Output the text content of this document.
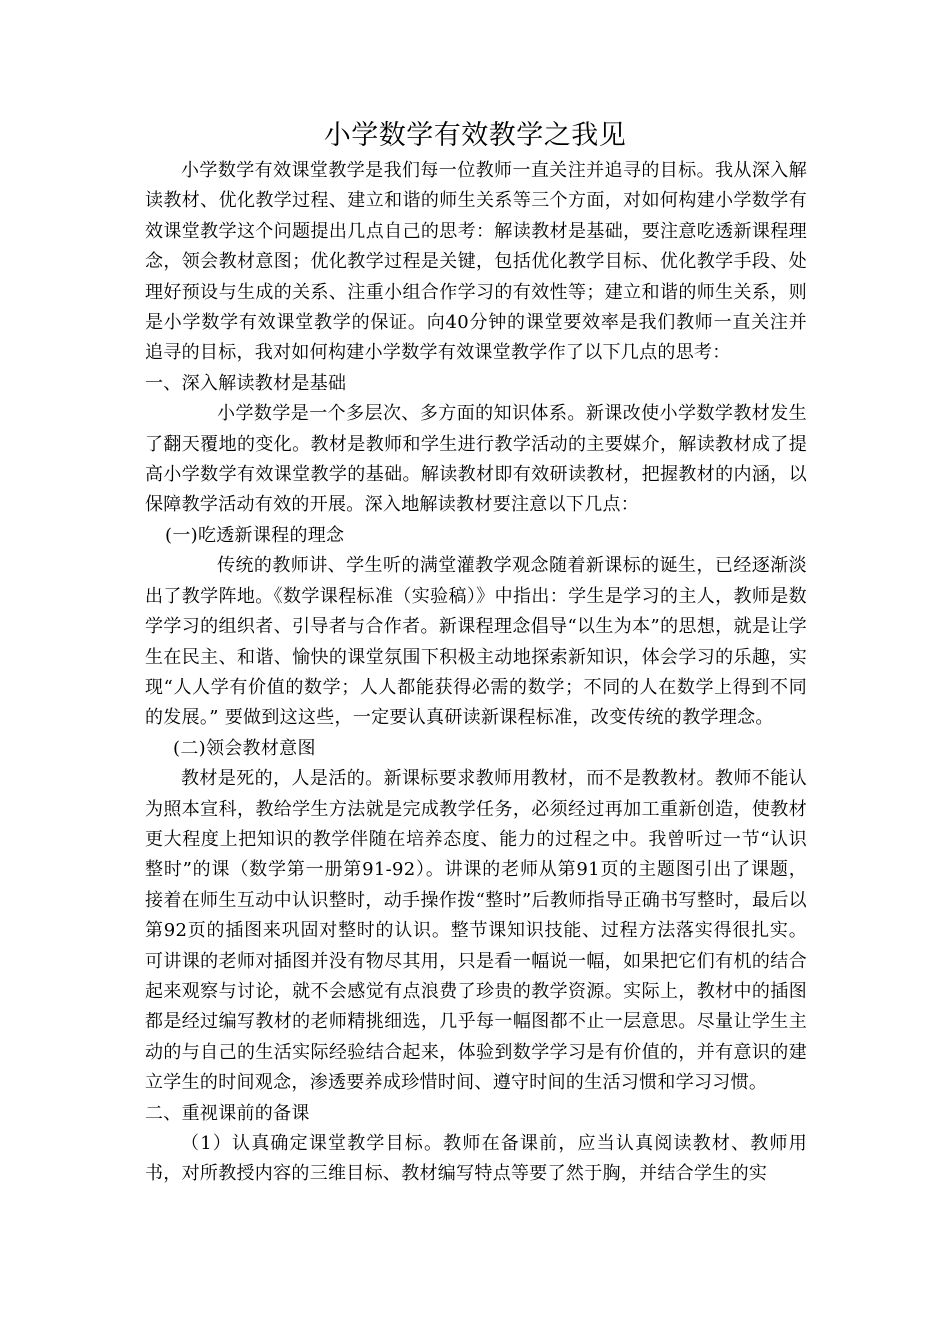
小学数学有效教学之我见

小学数学有效课堂教学是我们每一位教师一直关注并追寻的目标。我从深入解读教材、优化教学过程、建立和谐的师生关系等三个方面，对如何构建小学数学有效课堂教学这个问题提出几点自己的思考：解读教材是基础，要注意吃透新课程理念，领会教材意图；优化教学过程是关键，包括优化教学目标、优化教学手段、处理好预设与生成的关系、注重小组合作学习的有效性等；建立和谐的师生关系，则是小学数学有效课堂教学的保证。向40分钟的课堂要效率是我们教师一直关注并追寻的目标，我对如何构建小学数学有效课堂教学作了以下几点的思考：

一、深入解读教材是基础

小学数学是一个多层次、多方面的知识体系。新课改使小学数学教材发生了翻天覆地的变化。教材是教师和学生进行教学活动的主要媒介，解读教材成了提高小学数学有效课堂教学的基础。解读教材即有效研读教材，把握教材的内涵，以保障教学活动有效的开展。深入地解读教材要注意以下几点：

(一)吃透新课程的理念

传统的教师讲、学生听的满堂灌教学观念随着新课标的诞生，已经逐渐淡出了教学阵地。《数学课程标准（实验稿）》中指出：学生是学习的主人，教师是数学学习的组织者、引导者与合作者。新课程理念倡导“以生为本”的思想，就是让学生在民主、和谐、愉快的课堂氛围下积极主动地探索新知识，体会学习的乐趣，实现“人人学有价值的数学；人人都能获得必需的数学；不同的人在数学上得到不同的发展。” 要做到这这些，一定要认真研读新课程标准，改变传统的教学理念。

(二)领会教材意图

教材是死的，人是活的。新课标要求教师用教材，而不是教教材。教师不能认为照本宣科，教给学生方法就是完成教学任务，必须经过再加工重新创造，使教材更大程度上把知识的教学伴随在培养态度、能力的过程之中。我曾听过一节“认识整时”的课（数学第一册第91-92）。讲课的老师从第91页的主题图引出了课题，接着在师生互动中认识整时，动手操作拨“整时”后教师指导正确书写整时，最后以第92页的插图来巩固对整时的认识。整节课知识技能、过程方法落实得很扎实。可讲课的老师对插图并没有物尽其用，只是看一幅说一幅，如果把它们有机的结合起来观察与讨论，就不会感觉有点浪费了珍贵的教学资源。实际上，教材中的插图都是经过编写教材的老师精挑细选，几乎每一幅图都不止一层意思。尽量让学生主动的与自己的生活实际经验结合起来，体验到数学学习是有价值的，并有意识的建立学生的时间观念，渗透要养成珍惜时间、遵守时间的生活习惯和学习习惯。

二、重视课前的备课

（1）认真确定课堂教学目标。教师在备课前，应当认真阅读教材、教师用书，对所教授内容的三维目标、教材编写特点等要了然于胸，并结合学生的实
